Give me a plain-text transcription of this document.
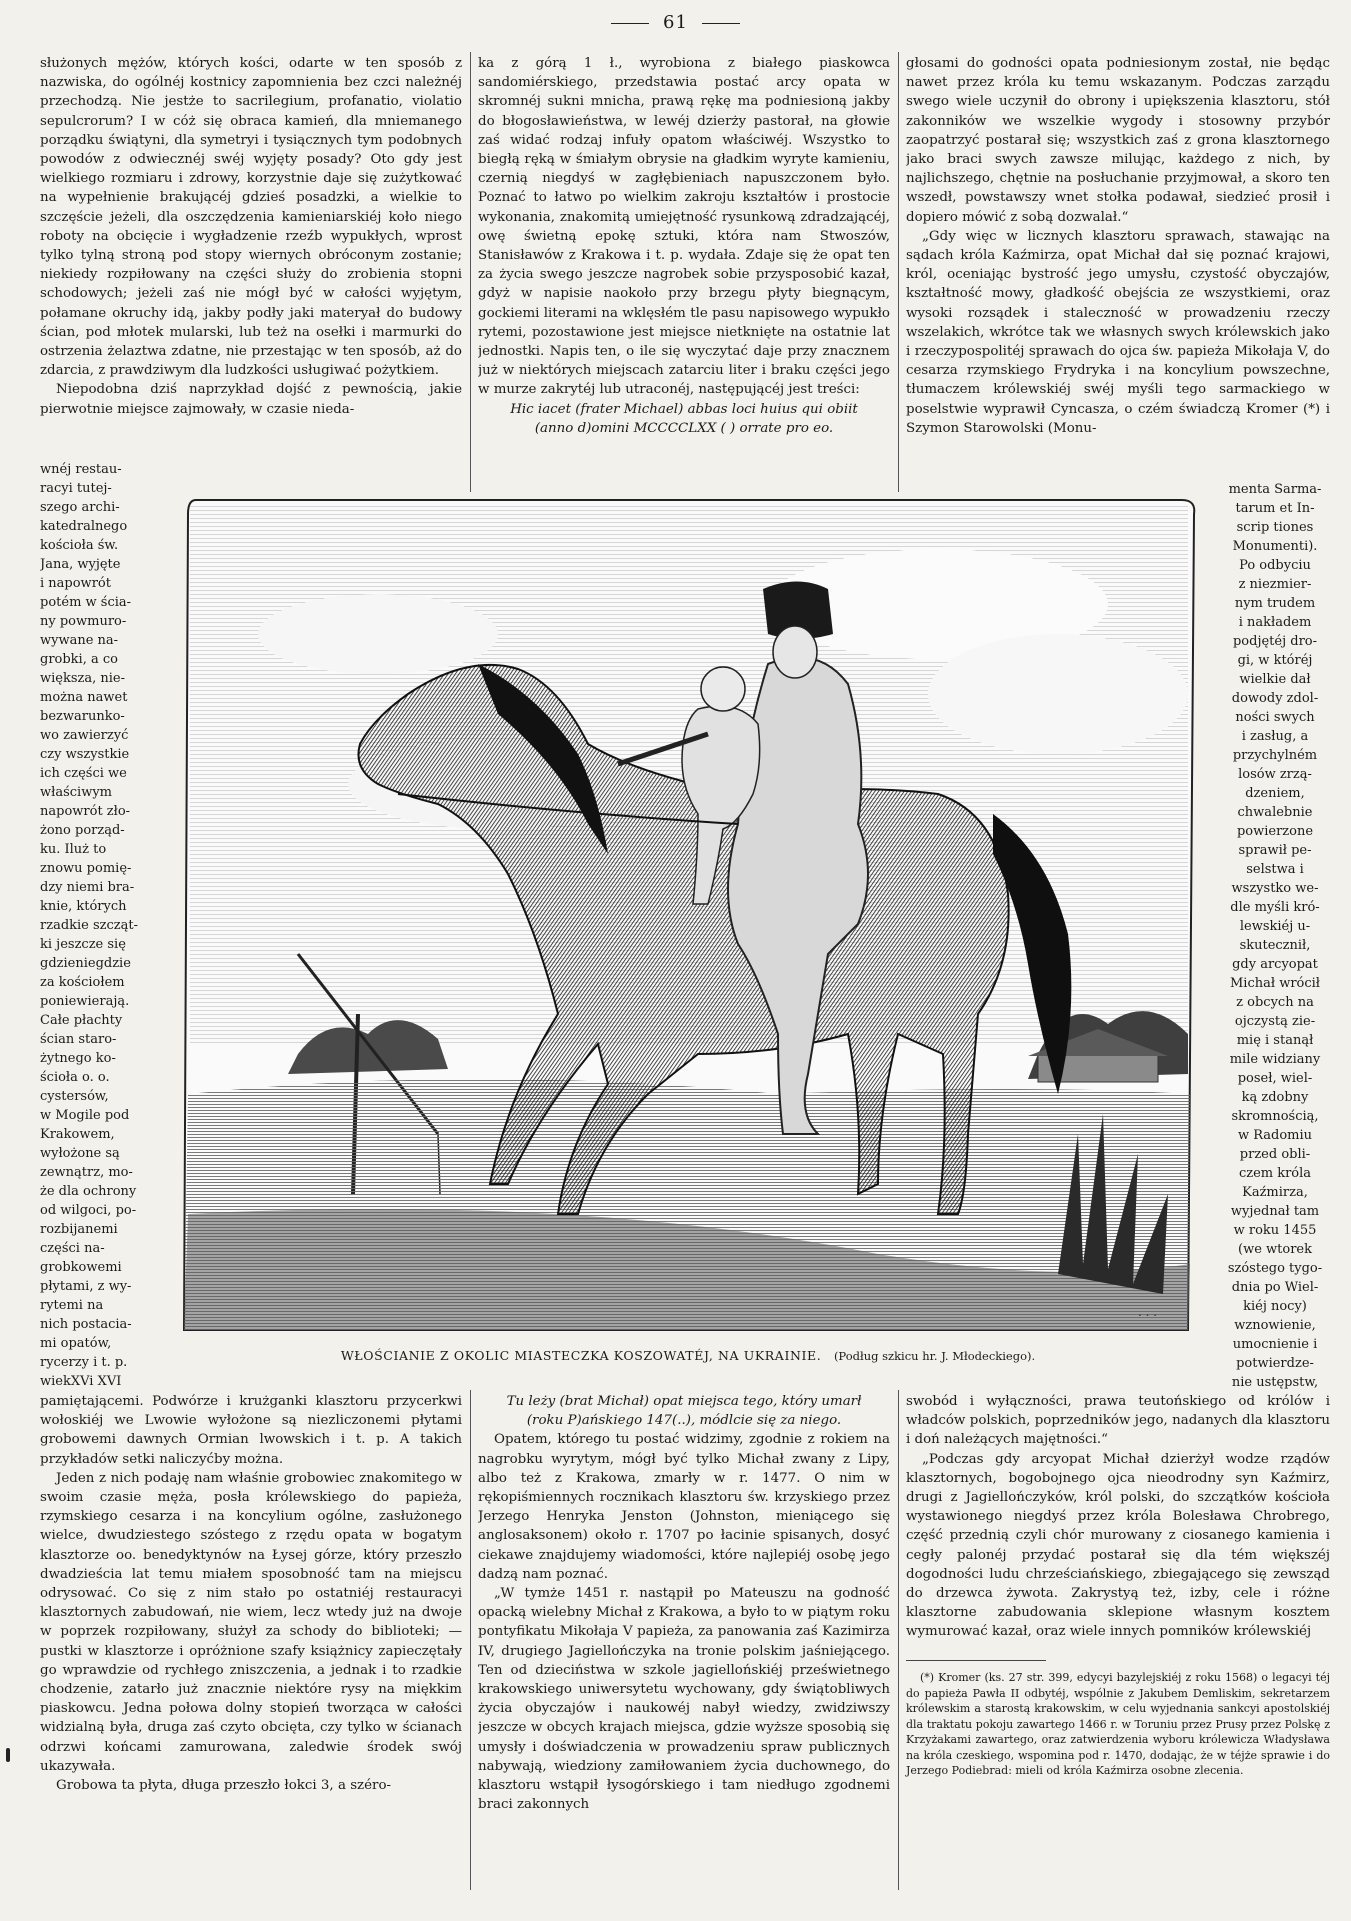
61

służonych mężów, których kości, odarte w ten sposób z nazwiska, do ogólnéj kostnicy zapomnienia bez czci należnéj przechodzą. Nie jestże to sacrilegium, profanatio, violatio sepulcrorum? I w cóż się obraca kamień, dla mniemanego porządku świątyni, dla symetryi i tysiącznych tym podobnych powodów z odwiecznéj swéj wyjęty posady? Oto gdy jest wielkiego rozmiaru i zdrowy, korzystnie daje się zużytkować na wypełnienie brakującéj gdzieś posadzki, a wielkie to szczęście jeżeli, dla oszczędzenia kamieniarskiéj koło niego roboty na obcięcie i wygładzenie rzeźb wypukłych, wprost tylko tylną stroną pod stopy wiernych obróconym zostanie; niekiedy rozpiłowany na części służy do zrobienia stopni schodowych; jeżeli zaś nie mógł być w całości wyjętym, połamane okruchy idą, jakby podły jaki materyał do budowy ścian, pod młotek mularski, lub też na osełki i marmurki do ostrzenia żelaztwa zdatne, nie przestając w ten sposób, aż do zdarcia, z prawdziwym dla ludzkości usługiwać pożytkiem.

Niepodobna dziś naprzykład dojść z pewnością, jakie pierwotnie miejsce zajmowały, w czasie nieda-

wnéj restau-
racyi tutej-
szego archi-
katedralnego
kościoła św.
Jana, wyjęte
i napowrót
potém w ścia-
ny powmuro-
wywane na-
grobki, a co
większa, nie-
można nawet
bezwarunko-
wo zawierzyć
czy wszystkie
ich części we
właściwym
napowrót zło-
żono porząd-
ku. Iluż to
znowu pomię-
dzy niemi bra-
knie, których
rzadkie szcząt-
ki jeszcze się
gdzieniegdzie
za kościołem
poniewierają.
Całe płachty
ścian staro-
żytnego ko-
ścioła o. o.
cystersów,
w Mogile pod
Krakowem,
wyłożone są
zewnątrz, mo-
że dla ochrony
od wilgoci, po-
rozbijanemi
części na-
grobkowemi
płytami, z wy-
rytemi na
nich postacia-
mi opatów,
rycerzy i t. p.
wiekXVi XVI

pamiętającemi. Podwórze i krużganki klasztoru przycerkwi wołoskiéj we Lwowie wyłożone są niezliczonemi płytami grobowemi dawnych Ormian lwowskich i t. p. A takich przykładów setki naliczyćby można.

Jeden z nich podaję nam właśnie grobowiec znakomitego w swoim czasie męża, posła królewskiego do papieża, rzymskiego cesarza i na koncylium ogólne, zasłużonego wielce, dwudziestego szóstego z rzędu opata w bogatym klasztorze oo. benedyktynów na Łysej górze, który przeszło dwadzieścia lat temu miałem sposobność tam na miejscu odrysować. Co się z nim stało po ostatniéj restauracyi klasztornych zabudowań, nie wiem, lecz wtedy już na dwoje w poprzek rozpiłowany, służył za schody do biblioteki; — pustki w klasztorze i opróżnione szafy książnicy zapieczętały go wprawdzie od rychłego zniszczenia, a jednak i to rzadkie chodzenie, zatarło już znacznie niektóre rysy na miękkim piaskowcu. Jedna połowa dolny stopień tworząca w całości widzialną była, druga zaś czyto obcięta, czy tylko w ścianach odrzwi końcami zamurowana, zaledwie środek swój ukazywała.

Grobowa ta płyta, długa przeszło łokci 3, a széro-

ka z górą 1 ł., wyrobiona z białego piaskowca sandomiérskiego, przedstawia postać arcy opata w skromnéj sukni mnicha, prawą rękę ma podniesioną jakby do błogosławieństwa, w lewéj dzierży pastorał, na głowie zaś widać rodzaj infuły opatom właściwéj. Wszystko to biegłą ręką w śmiałym obrysie na gładkim wyryte kamieniu, czernią niegdyś w zagłębieniach napuszczonem było. Poznać to łatwo po wielkim zakroju kształtów i prostocie wykonania, znakomitą umiejętność rysunkową zdradzającéj, owę świetną epokę sztuki, która nam Stwoszów, Stanisławów z Krakowa i t. p. wydała. Zdaje się że opat ten za życia swego jeszcze nagrobek sobie przysposobić kazał, gdyż w napisie naokoło przy brzegu płyty biegnącym, gockiemi literami na wklęsłém tle pasu napisowego wypukło rytemi, pozostawione jest miejsce nietknięte na ostatnie lat jednostki. Napis ten, o ile się wyczytać daje przy znacznem już w niektórych miejscach zatarciu liter i braku części jego w murze zakrytéj lub utraconéj, następującéj jest treści:

Hic iacet (frater Michael) abbas loci huius qui obiit
(anno d)omini MCCCCLXX ( ) orrate pro eo.
Tu leży (brat Michał) opat miejsca tego, który umarł
(roku P)ańskiego 147(..), módlcie się za niego.

Opatem, którego tu postać widzimy, zgodnie z rokiem na nagrobku wyrytym, mógł być tylko Michał zwany z Lipy, albo też z Krakowa, zmarły w r. 1477. O nim w rękopiśmiennych rocznikach klasztoru św. krzyskiego przez Jerzego Henryka Jenston (Johnston, mieniącego się anglosaksonem) około r. 1707 po łacinie spisanych, dosyć ciekawe znajdujemy wiadomości, które najlepiéj osobę jego dadzą nam poznać.

„W tymże 1451 r. nastąpił po Mateuszu na godność opacką wielebny Michał z Krakowa, a było to w piątym roku pontyfikatu Mikołaja V papieża, za panowania zaś Kazimirza IV, drugiego Jagiellończyka na tronie polskim jaśniejącego. Ten od dzieciństwa w szkole jagiellońskiéj prześwietnego krakowskiego uniwersytetu wychowany, gdy świątobliwych życia obyczajów i naukowéj nabył wiedzy, zwidziwszy jeszcze w obcych krajach miejsca, gdzie wyższe sposobią się umysły i doświadczenia w prowadzeniu spraw publicznych nabywają, wiedziony zamiłowaniem życia duchownego, do klasztoru wstąpił łysogórskiego i tam niedługo zgodnemi braci zakonnych

głosami do godności opata podniesionym został, nie będąc nawet przez króla ku temu wskazanym. Podczas zarządu swego wiele uczynił do obrony i upiększenia klasztoru, stół zakonników we wszelkie wygody i stosowny przybór zaopatrzyć postarał się; wszystkich zaś z grona klasztornego jako braci swych zawsze milując, każdego z nich, by najlichszego, chętnie na posłuchanie przyjmował, a skoro ten wszedł, powstawszy wnet stołka podawał, siedzieć prosił i dopiero mówić z sobą dozwalał.“

„Gdy więc w licznych klasztoru sprawach, stawając na sądach króla Kaźmirza, opat Michał dał się poznać krajowi, król, oceniając bystrość jego umysłu, czystość obyczajów, kształtność mowy, gładkość obejścia ze wszystkiemi, oraz wysoki rozsądek i staleczność w prowadzeniu rzeczy wszelakich, wkrótce tak we własnych swych królewskich jako i rzeczypospolitéj sprawach do ojca św. papieża Mikołaja V, do cesarza rzymskiego Frydryka i na koncylium powszechne, tłumaczem królewskiéj swéj myśli tego sarmackiego w poselstwie wyprawił Cyncasza, o czém świadczą Kromer (*) i Szymon Starowolski (Monu-

menta Sarma-
tarum et In-
scrip tiones
Monumenti).
Po odbyciu
z niezmier-
nym trudem
i nakładem
podjętéj dro-
gi, w któréj
wielkie dał
dowody zdol-
ności swych
i zasług, a
przychylném
losów zrzą-
dzeniem,
chwalebnie
powierzone
sprawił pe-
selstwa i
wszystko we-
dle myśli kró-
lewskiéj u-
skutecznił,
gdy arcyopat
Michał wrócił
z obcych na
ojczystą zie-
mię i stanął
mile widziany
poseł, wiel-
ką zdobny
skromnością,
w Radomiu
przed obli-
czem króla
Kaźmirza,
wyjednał tam
w roku 1455
(we wtorek
szóstego tygo-
dnia po Wiel-
kiéj nocy)
wznowienie,
umocnienie i
potwierdze-
nie ustępstw,

swobód i wyłączności, prawa teutońskiego od królów i władców polskich, poprzedników jego, nadanych dla klasztoru i doń należących majętności.“

„Podczas gdy arcyopat Michał dzierżył wodze rządów klasztornych, bogobojnego ojca nieodrodny syn Kaźmirz, drugi z Jagiellończyków, król polski, do szczątków kościoła wystawionego niegdyś przez króla Bolesława Chrobrego, część przednią czyli chór murowany z ciosanego kamienia i cegły palonéj przydać postarał się dla tém większéj dogodności ludu chrześciańskiego, zbiegającego się zewsząd do drzewca żywota. Zakrystyą też, izby, cele i różne klasztorne zabudowania sklepione własnym kosztem wymurować kazał, oraz wiele innych pomników królewskiéj

(*) Kromer (ks. 27 str. 399, edycyi bazylejskiéj z roku 1568) o legacyi téj do papieża Pawła II odbytéj, wspólnie z Jakubem Demliskim, sekretarzem królewskim a starostą krakowskim, w celu wyjednania sankcyi apostolskiéj dla traktatu pokoju zawartego 1466 r. w Toruniu przez Prusy przez Polskę z Krzyżakami zawartego, oraz zatwierdzenia wyboru królewicza Władysława na króla czeskiego, wspomina pod r. 1470, dodając, że w téjże sprawie i do Jerzego Podiebrad: mieli od króla Kaźmirza osobne zlecenia.

. . .
WŁOŚCIANIE Z OKOLIC MIASTECZKA KOSZOWATÉJ, NA UKRAINIE. (Podług szkicu hr. J. Młodeckiego).
